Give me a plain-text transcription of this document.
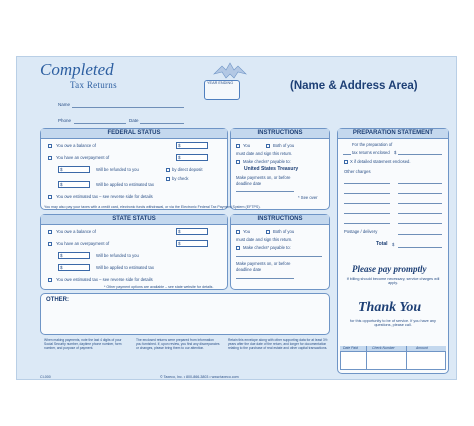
Completed
Tax Returns
Name
Phone	Date
YEAR ENDING	(Name & Address Area)
FEDERAL STATUS
You owe a balance of	$
You have an overpayment of	$
$	Will be refunded to you	by direct deposit
by check
$	Will be applied to estimated tax
You owe estimated tax – see reverse side for details
INSTRUCTIONS
You	Both of you
must date and sign this return.
Make checks* payable to:
United States Treasury
Make payments on, or before
deadline date
* See over
You may also pay your taxes with a credit card, electronic funds withdrawal, or via the Electronic Federal Tax Payment System (EFTPS).
STATE STATUS
You owe a balance of	$
You have an overpayment of	$
$	Will be refunded to you
$	Will be applied to estimated tax
You owe estimated tax – see reverse side for details
INSTRUCTIONS
You	Both of you
must date and sign this return.
Make checks* payable to:
Make payments on, or before
deadline date
* Other payment options are available – see state website for details.
OTHER:
When making payments, note the last 4 digits of your Social Security number, daytime phone number, form number, and purpose of payment.
The enclosed returns were prepared from information you furnished. If, upon review, you find any discrepancies or changes, please bring them to our attention.
Retain this envelope along with other supporting data for at least 3½ years after the due date of the return, and longer for documentation relating to the purchase of real estate and other capital transactions.
PREPARATION STATEMENT
For the preparation of
tax returns enclosed $
X if detailed statement enclosed.
Other charges
Postage / delivery
Total $
Please pay promptly
If billing should become necessary, service charges will apply.
Thank You
for this opportunity to be of service. If you have any questions, please call.
Date Paid	Check Number	Amount
CI-000	© Taxeco, Inc. • 800-866-3803 • www.taxeco.com
